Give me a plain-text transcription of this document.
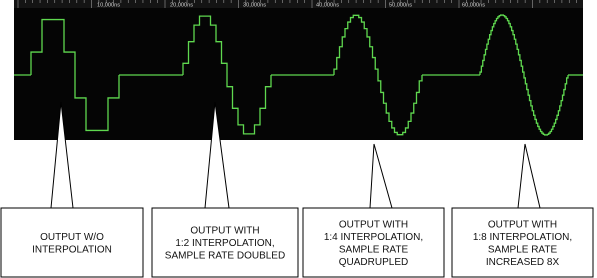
10,000ns	20,000ns	30,000ns	40,000ns	50,000ns	60,000ns
OUTPUT W/O
INTERPOLATION
OUTPUT WITH
1:2 INTERPOLATION,
SAMPLE RATE DOUBLED
OUTPUT WITH
1:4 INTERPOLATION,
SAMPLE RATE
QUADRUPLED
OUTPUT WITH
1:8 INTERPOLATION,
SAMPLE RATE
INCREASED 8X
